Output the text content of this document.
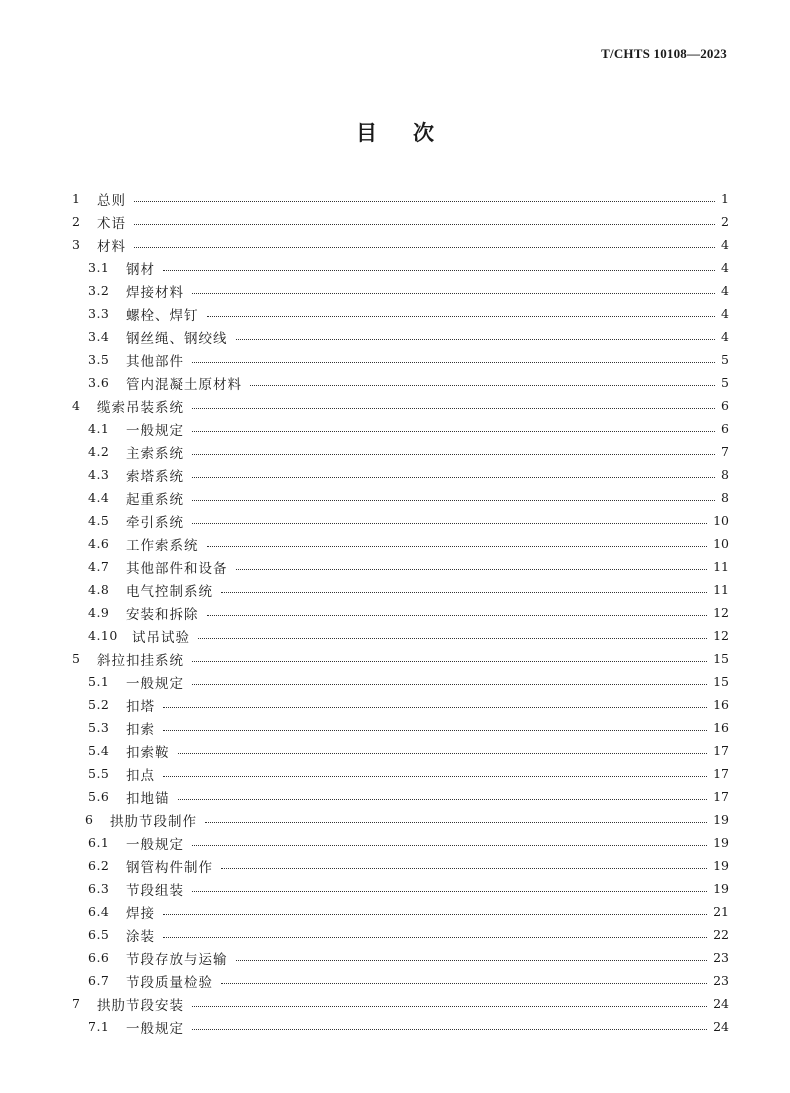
T/CHTS 10108—2023
目次
1	总则	1
2	术语	2
3	材料	4
3.1	钢材	4
3.2	焊接材料	4
3.3	螺栓、焊钉	4
3.4	钢丝绳、钢绞线	4
3.5	其他部件	5
3.6	管内混凝土原材料	5
4	缆索吊装系统	6
4.1	一般规定	6
4.2	主索系统	7
4.3	索塔系统	8
4.4	起重系统	8
4.5	牵引系统	10
4.6	工作索系统	10
4.7	其他部件和设备	11
4.8	电气控制系统	11
4.9	安装和拆除	12
4.10	试吊试验	12
5	斜拉扣挂系统	15
5.1	一般规定	15
5.2	扣塔	16
5.3	扣索	16
5.4	扣索鞍	17
5.5	扣点	17
5.6	扣地锚	17
6	拱肋节段制作	19
6.1	一般规定	19
6.2	钢管构件制作	19
6.3	节段组装	19
6.4	焊接	21
6.5	涂装	22
6.6	节段存放与运输	23
6.7	节段质量检验	23
7	拱肋节段安装	24
7.1	一般规定	24
